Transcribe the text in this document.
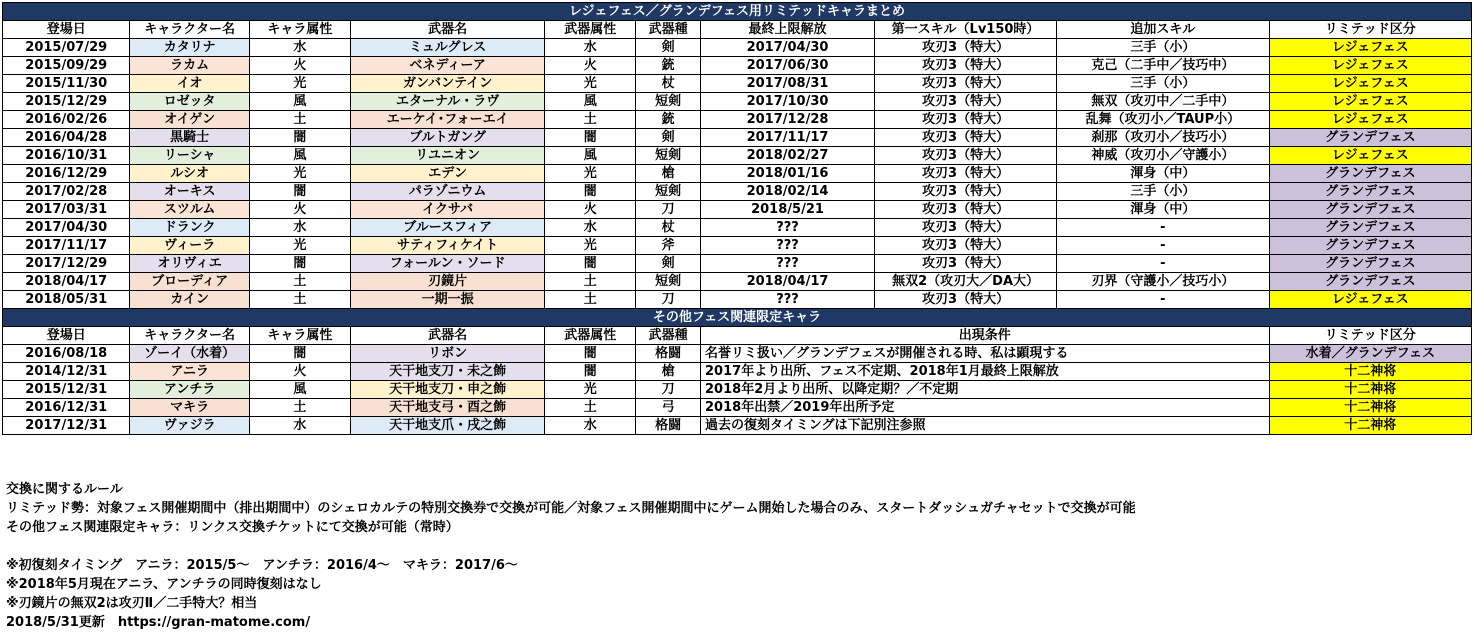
レジェフェス／グランデフェス用リミテッドキャラまとめ									
登場日	キャラクター名	キャラ属性	武器名	武器属性	武器種	最終上限解放	第一スキル（Lv150時）	追加スキル	リミテッド区分
2015/07/29	カタリナ	水	ミュルグレス	水	剣	2017/04/30	攻刃3（特大）	三手（小）	レジェフェス
2015/09/29	ラカム	火	ベネディーア	火	銃	2017/06/30	攻刃3（特大）	克己（二手中／技巧中）	レジェフェス
2015/11/30	イオ	光	ガンバンテイン	光	杖	2017/08/31	攻刃3（特大）	三手（小）	レジェフェス
2015/12/29	ロゼッタ	風	エターナル・ラヴ	風	短剣	2017/10/30	攻刃3（特大）	無双（攻刃中／二手中）	レジェフェス
2016/02/26	オイゲン	土	エーケイ･フォーエイ	土	銃	2017/12/28	攻刃3（特大）	乱舞（攻刃小／TAUP小）	レジェフェス
2016/04/28	黒騎士	闇	ブルトガング	闇	剣	2017/11/17	攻刃3（特大）	刹那（攻刃小／技巧小）	グランデフェス
2016/10/31	リーシャ	風	リユニオン	風	短剣	2018/02/27	攻刃3（特大）	神威（攻刃小／守護小）	レジェフェス
2016/12/29	ルシオ	光	エデン	光	槍	2018/01/16	攻刃3（特大）	渾身（中）	グランデフェス
2017/02/28	オーキス	闇	パラゾニウム	闇	短剣	2018/02/14	攻刃3（特大）	三手（小）	グランデフェス
2017/03/31	スツルム	火	イクサバ	火	刀	2018/5/21	攻刃3（特大）	渾身（中）	グランデフェス
2017/04/30	ドランク	水	ブルースフィア	水	杖	???	攻刃3（特大）	-	グランデフェス
2017/11/17	ヴィーラ	光	サティフィケイト	光	斧	???	攻刃3（特大）	-	グランデフェス
2017/12/29	オリヴィエ	闇	フォールン・ソード	闇	剣	???	攻刃3（特大）	-	グランデフェス
2018/04/17	ブローディア	土	刃鏡片	土	短剣	2018/04/17	無双2（攻刃大／DA大）	刃界（守護小／技巧小）	グランデフェス
2018/05/31	カイン	土	一期一振	土	刀	???	攻刃3（特大）	-	レジェフェス
その他フェス関連限定キャラ									
登場日	キャラクター名	キャラ属性	武器名	武器属性	武器種	出現条件			リミテッド区分
2016/08/18	ゾーイ（水着）	闇	リボン	闇	格闘	名誉リミ扱い／グランデフェスが開催される時、私は顕現する			水着／グランデフェス
2014/12/31	アニラ	火	天干地支刀・未之飾	闇	槍	2017年より出所、フェス不定期、2018年1月最終上限解放			十二神将
2015/12/31	アンチラ	風	天干地支刀・申之飾	光	刀	2018年2月より出所、以降定期？／不定期			十二神将
2016/12/31	マキラ	土	天干地支弓・酉之飾	土	弓	2018年出禁／2019年出所予定			十二神将
2017/12/31	ヴァジラ	水	天干地支爪・戌之飾	水	格闘	過去の復刻タイミングは下記別注参照			十二神将
交換に関するルール
リミテッド勢：対象フェス開催期間中（排出期間中）のシェロカルテの特別交換券で交換が可能／対象フェス開催期間中にゲーム開始した場合のみ、スタートダッシュガチャセットで交換が可能
その他フェス関連限定キャラ：リンクス交換チケットにて交換が可能（常時）
※初復刻タイミング　アニラ：2015/5～　アンチラ：2016/4～　マキラ：2017/6～
※2018年5月現在アニラ、アンチラの同時復刻はなし
※刃鏡片の無双2は攻刃Ⅱ／二手特大？相当
2018/5/31更新　https://gran-matome.com/
